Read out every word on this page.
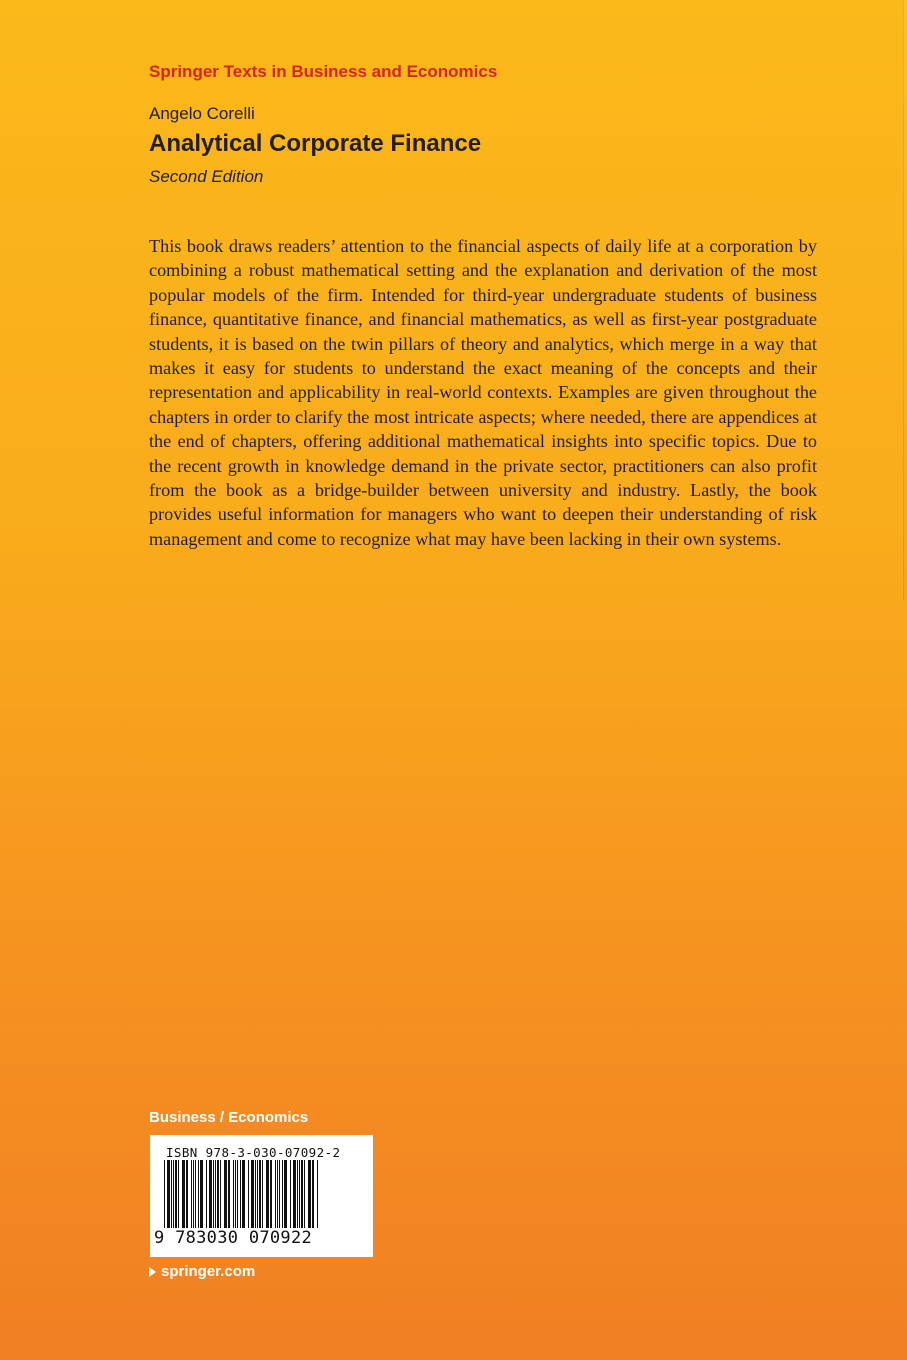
Springer Texts in Business and Economics
Angelo Corelli
Analytical Corporate Finance
Second Edition

This book draws readers’ attention to the financial aspects of daily life at a corporation by combining a robust mathematical setting and the explanation and derivation of the most popular models of the firm. Intended for third-year undergraduate students of business finance, quantitative finance, and financial mathematics, as well as first-year postgraduate students, it is based on the twin pillars of theory and analytics, which merge in a way that makes it easy for students to understand the exact meaning of the concepts and their representation and applicability in real-world contexts. Examples are given throughout the chapters in order to clarify the most intricate aspects; where needed, there are appendices at the end of chapters, offering additional mathematical insights into specific topics. Due to the recent growth in knowledge demand in the private sector, practitioners can also profit from the book as a bridge-builder between university and industry. Lastly, the book provides useful information for managers who want to deepen their understanding of risk management and come to recognize what may have been lacking in their own systems.

Business / Economics
ISBN 978-3-030-07092-2
9 783030 070922
springer.com
